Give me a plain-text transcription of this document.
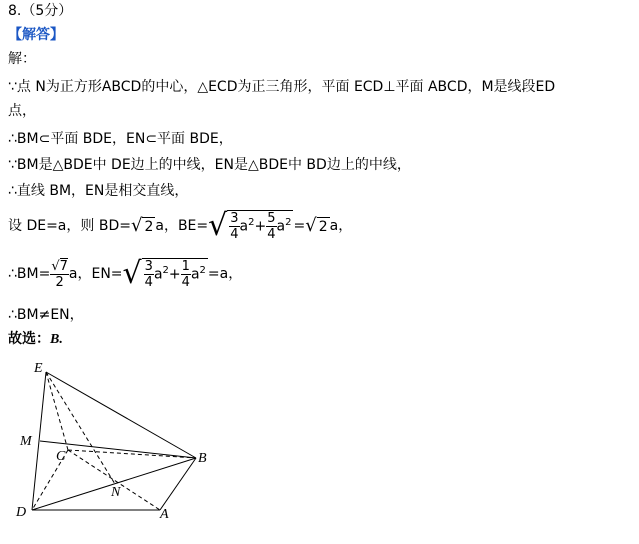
8.（5分）
【解答】
解：
∵点 N为正方形ABCD的中心，△ECD为正三角形，平面 ECD⊥平面 ABCD，M是线段ED
点，
∴BM⊂平面 BDE，EN⊂平面 BDE，
∵BM是△BDE中 DE边上的中线，EN是△BDE中 BD边上的中线，
∴直线 BM，EN是相交直线，
设 DE=a，则 BD=√ 2 a，$BE=√ \frac{3}{4} a^2+ \frac{5}{4} a^2$ =√ 2 a，
∴BM= $\frac{√7}{2}$ a，$EN=√ \frac{3}{4} a^2+ \frac{1}{4} a^2 =a$，
∴BM≠EN，
故选：B.
E
M
C	B
N
D	A
